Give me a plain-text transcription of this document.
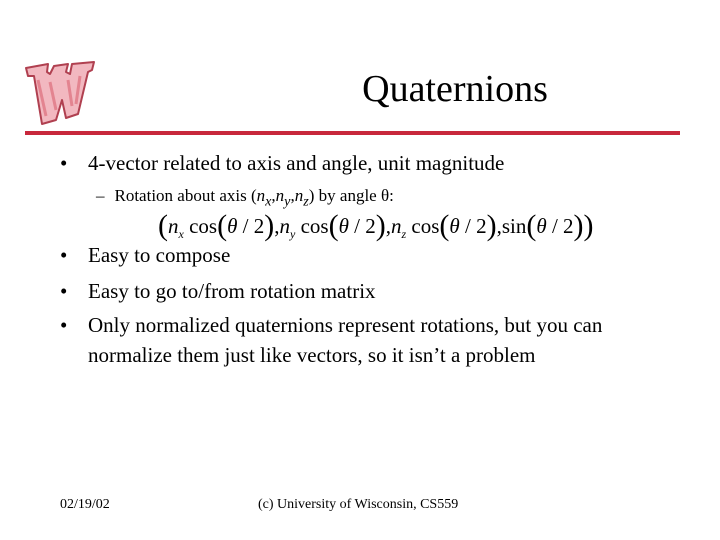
Quaternions
• 4-vector related to axis and angle, unit magnitude
– Rotation about axis $(n_x,n_y,n_z)$ by angle θ:
($n_x$ $\cos(\theta / 2),n_y$ $\cos(\theta / 2),n_z$ cos(θ / 2),sin(θ / 2))
• Easy to compose
• Easy to go to/from rotation matrix
• Only normalized quaternions represent rotations, but you can normalize them just like vectors, so it isn’t a problem
02/19/02	(c) University of Wisconsin, CS559
